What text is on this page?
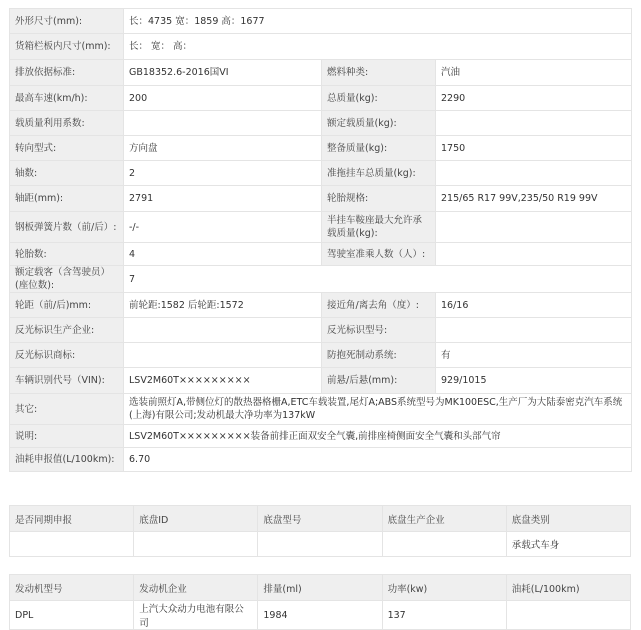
外形尺寸(mm):	长：4735 宽：1859 高：1677		
货箱栏板内尺寸(mm):	长： 宽： 高：		
排放依据标准:	GB18352.6-2016国VI	燃料种类:	汽油
最高车速(km/h):	200	总质量(kg):	2290
载质量利用系数:		额定载质量(kg):	
转向型式:	方向盘	整备质量(kg):	1750
轴数:	2	准拖挂车总质量(kg):	
轴距(mm):	2791	轮胎规格:	215/65 R17 99V,235/50 R19 99V
钢板弹簧片数（前/后）:	-/-	半挂车鞍座最大允许承载质量(kg):	
轮胎数:	4	驾驶室准乘人数（人）:	
额定载客（含驾驶员）(座位数):	7		
轮距（前/后)mm:	前轮距:1582 后轮距:1572	接近角/离去角（度）:	16/16
反光标识生产企业:		反光标识型号:	
反光标识商标:		防抱死制动系统:	有
车辆识别代号（VIN):	LSV2M60T×××××××××	前悬/后悬(mm):	929/1015
其它:	选装前照灯A,带侧位灯的散热器格栅A,ETC车载装置,尾灯A;ABS系统型号为MK100ESC,生产厂为大陆泰密克汽车系统(上海)有限公司;发动机最大净功率为137kW		
说明:	LSV2M60T×××××××××装备前排正面双安全气囊,前排座椅侧面安全气囊和头部气帘		
油耗申报值(L/100km):	6.70		
是否同期申报	底盘ID	底盘型号	底盘生产企业	底盘类别
				承载式车身
发动机型号	发动机企业	排量(ml)	功率(kw)	油耗(L/100km)
DPL	上汽大众动力电池有限公司	1984	137	
